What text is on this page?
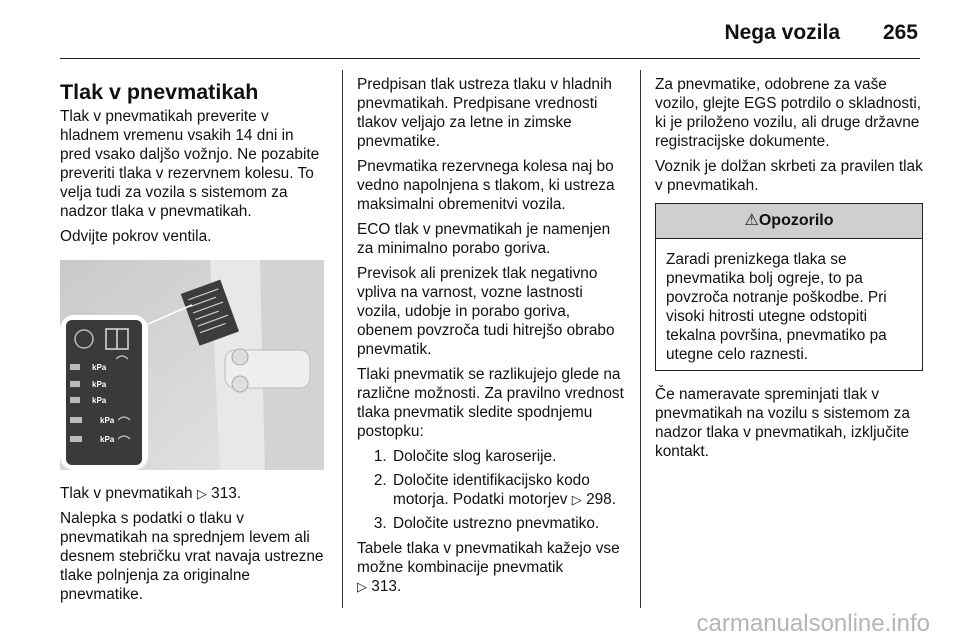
Nega vozila 265
Tlak v pnevmatikah

Tlak v pnevmatikah preverite v hladnem vremenu vsakih 14 dni in pred vsako daljšo vožnjo. Ne pozabite preveriti tlaka v rezervnem kolesu. To velja tudi za vozila s sistemom za nadzor tlaka v pnevmatikah.

Odvijte pokrov ventila.

kPa
kPa
kPa
kPa
kPa

Tlak v pnevmatikah ▷ 313.

Nalepka s podatki o tlaku v pnevmatikah na sprednjem levem ali desnem stebričku vrat navaja ustrezne tlake polnjenja za originalne pnevmatike.

Predpisan tlak ustreza tlaku v hladnih pnevmatikah. Predpisane vrednosti tlakov veljajo za letne in zimske pnevmatike.

Pnevmatika rezervnega kolesa naj bo vedno napolnjena s tlakom, ki ustreza maksimalni obremenitvi vozila.

ECO tlak v pnevmatikah je namenjen za minimalno porabo goriva.

Previsok ali prenizek tlak negativno vpliva na varnost, vozne lastnosti vozila, udobje in porabo goriva, obenem povzroča tudi hitrejšo obrabo pnevmatik.

Tlaki pnevmatik se razlikujejo glede na različne možnosti. Za pravilno vrednost tlaka pnevmatik sledite spodnjemu postopku:

1. Določite slog karoserije.
2. Določite identifikacijsko kodo motorja. Podatki motorjev ▷ 298.
3. Določite ustrezno pnevmatiko.

Tabele tlaka v pnevmatikah kažejo vse možne kombinacije pnevmatik
▷ 313.

Za pnevmatike, odobrene za vaše vozilo, glejte EGS potrdilo o skladnosti, ki je priloženo vozilu, ali druge državne registracijske dokumente.

Voznik je dolžan skrbeti za pravilen tlak v pnevmatikah.

⚠Opozorilo
Zaradi prenizkega tlaka se pnevmatika bolj ogreje, to pa povzroča notranje poškodbe. Pri visoki hitrosti utegne odstopiti tekalna površina, pnevmatiko pa utegne celo raznesti.

Če nameravate spreminjati tlak v pnevmatikah na vozilu s sistemom za nadzor tlaka v pnevmatikah, izključite kontakt.

carmanualsonline.info
